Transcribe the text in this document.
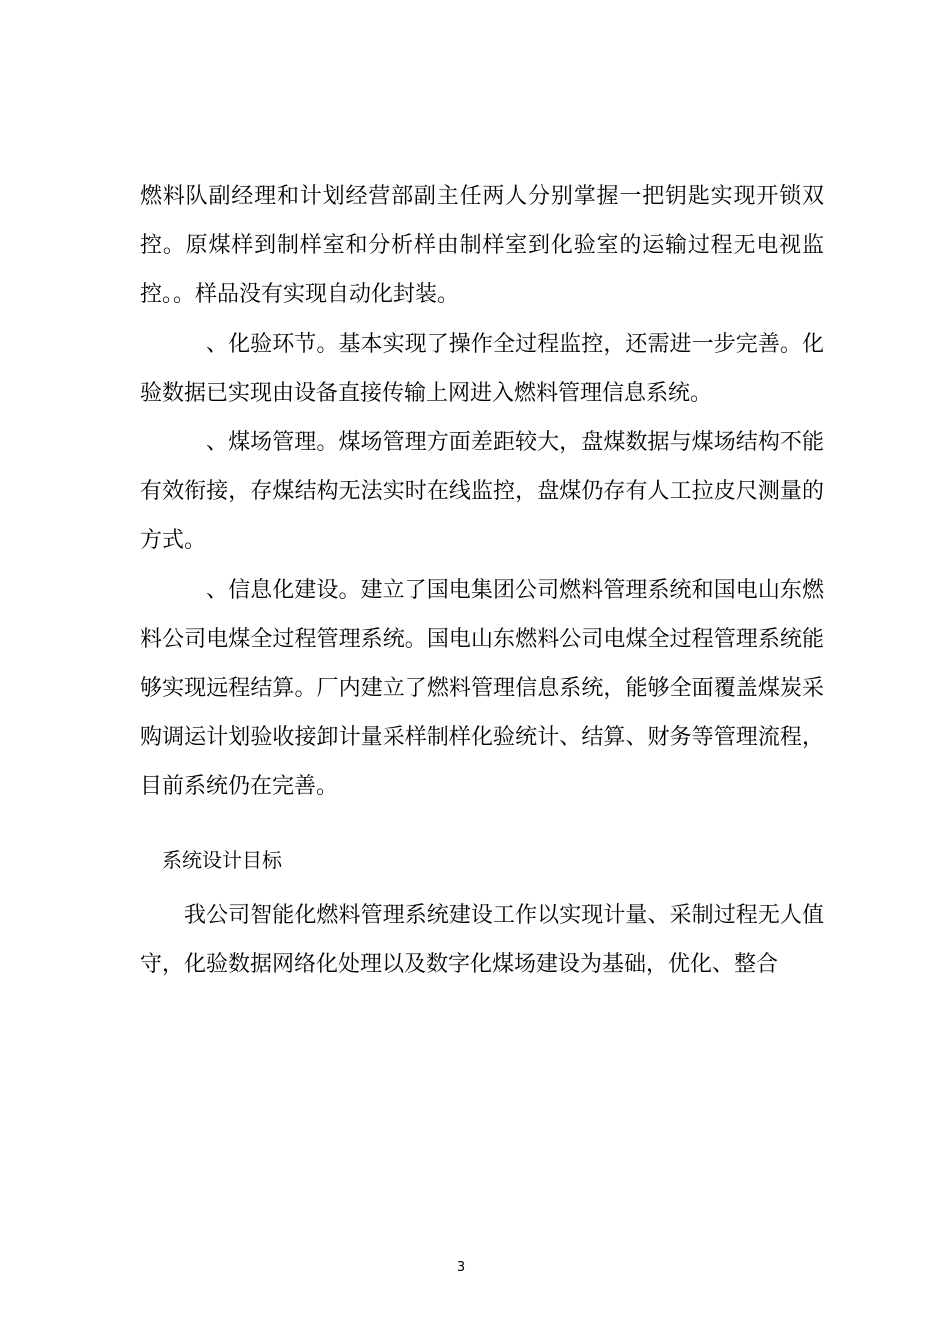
燃料队副经理和计划经营部副主任两人分别掌握一把钥匙实现开锁双控。原煤样到制样室和分析样由制样室到化验室的运输过程无电视监控。。样品没有实现自动化封装。

、化验环节。基本实现了操作全过程监控，还需进一步完善。化验数据已实现由设备直接传输上网进入燃料管理信息系统。

、煤场管理。煤场管理方面差距较大，盘煤数据与煤场结构不能有效衔接，存煤结构无法实时在线监控，盘煤仍存有人工拉皮尺测量的方式。

、信息化建设。建立了国电集团公司燃料管理系统和国电山东燃料公司电煤全过程管理系统。国电山东燃料公司电煤全过程管理系统能够实现远程结算。厂内建立了燃料管理信息系统，能够全面覆盖煤炭采购调运计划验收接卸计量采样制样化验统计、结算、财务等管理流程，目前系统仍在完善。

系统设计目标

我公司智能化燃料管理系统建设工作以实现计量、采制过程无人值守，化验数据网络化处理以及数字化煤场建设为基础，优化、整合

3
